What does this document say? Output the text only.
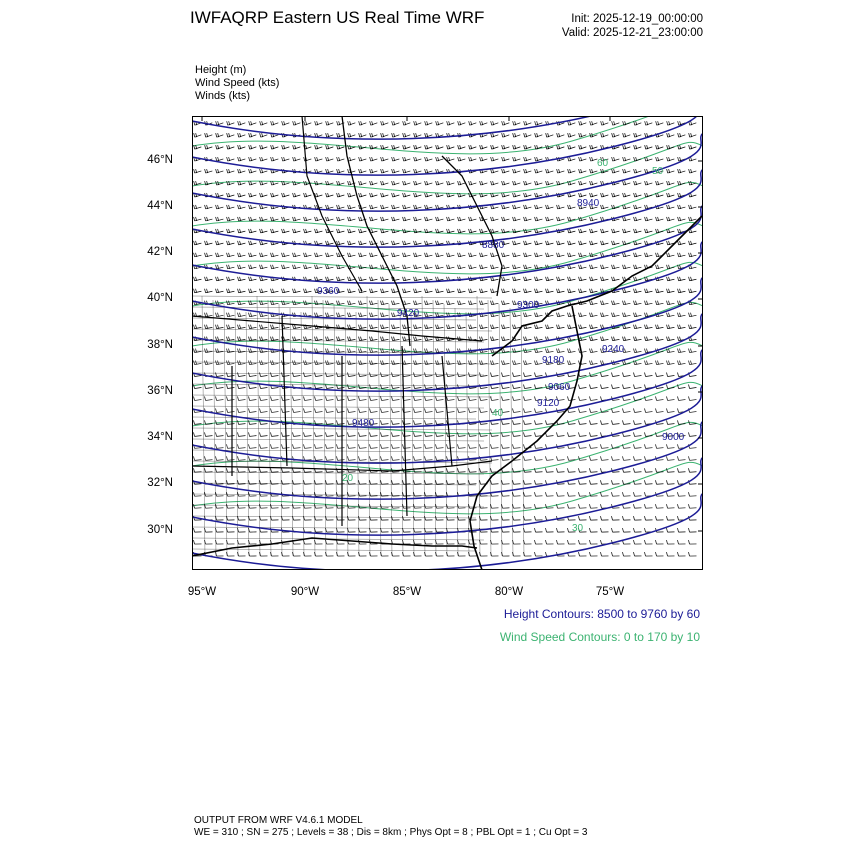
IWFAQRP Eastern US Real Time WRF	Init: 2025-12-19_00:00:00
Valid: 2025-12-21_23:00:00
Height (m)
Wind Speed (kts)
Winds (kts)
8880
8940
9000
9060
9120
9180
9240
9300
9360
9420
9480
60
50
40
30
20
46°N
44°N
42°N
40°N
38°N
36°N
34°N
32°N
30°N
95°W	90°W	85°W	80°W	75°W
Height Contours: 8500 to 9760 by 60
Wind Speed Contours: 0 to 170 by 10
OUTPUT FROM WRF V4.6.1 MODEL
WE = 310 ; SN = 275 ; Levels = 38 ; Dis = 8km ; Phys Opt = 8 ; PBL Opt = 1 ; Cu Opt = 3
